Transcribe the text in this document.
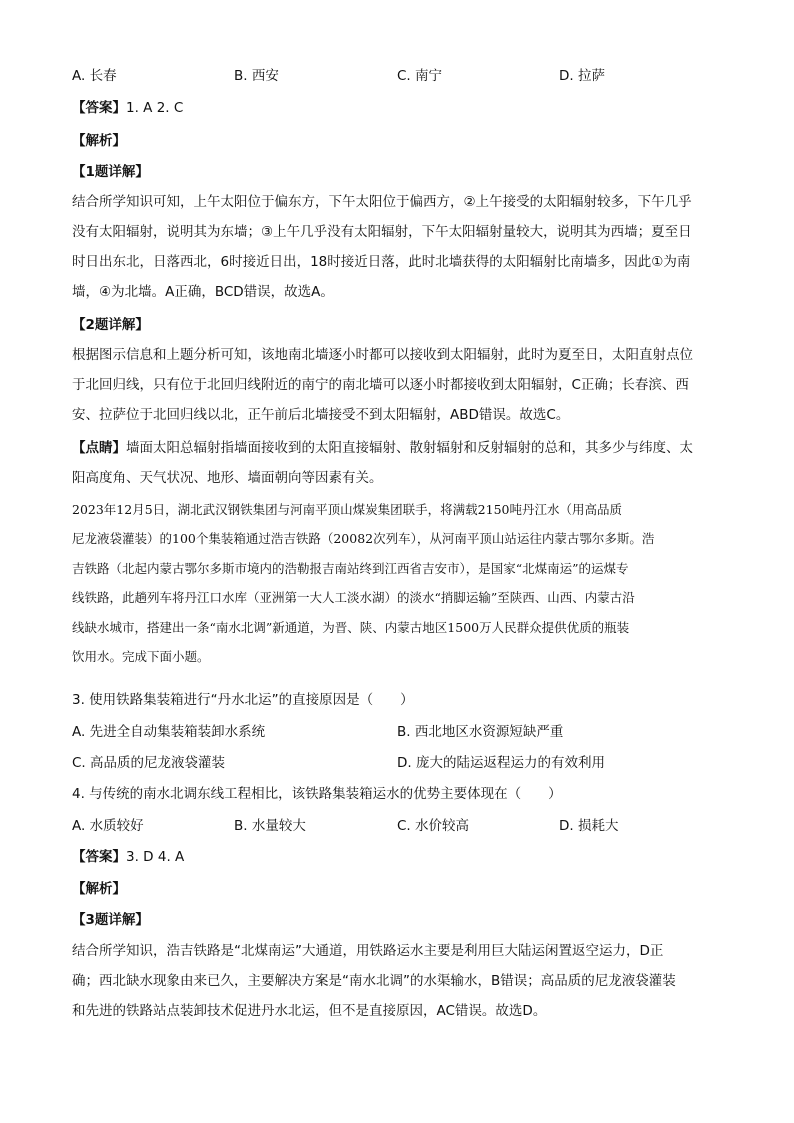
A. 长春	B. 西安	C. 南宁	D. 拉萨
【答案】1. A 2. C
【解析】
【1题详解】
结合所学知识可知，上午太阳位于偏东方，下午太阳位于偏西方，②上午接受的太阳辐射较多，下午几乎
没有太阳辐射，说明其为东墙；③上午几乎没有太阳辐射，下午太阳辐射量较大，说明其为西墙；夏至日
时日出东北，日落西北，6时接近日出，18时接近日落，此时北墙获得的太阳辐射比南墙多，因此①为南
墙，④为北墙。A正确，BCD错误，故选A。
【2题详解】
根据图示信息和上题分析可知，该地南北墙逐小时都可以接收到太阳辐射，此时为夏至日，太阳直射点位
于北回归线，只有位于北回归线附近的南宁的南北墙可以逐小时都接收到太阳辐射，C正确；长春滨、西
安、拉萨位于北回归线以北，正午前后北墙接受不到太阳辐射，ABD错误。故选C。
【点睛】墙面太阳总辐射指墙面接收到的太阳直接辐射、散射辐射和反射辐射的总和，其多少与纬度、太
阳高度角、天气状况、地形、墙面朝向等因素有关。
2023年12月5日，湖北武汉钢铁集团与河南平顶山煤炭集团联手，将满载2150吨丹江水（用高品质
尼龙液袋灌装）的100个集装箱通过浩吉铁路（20082次列车），从河南平顶山站运往内蒙古鄂尔多斯。浩
吉铁路（北起内蒙古鄂尔多斯市境内的浩勒报吉南站终到江西省吉安市），是国家“北煤南运”的运煤专
线铁路，此趟列车将丹江口水库（亚洲第一大人工淡水湖）的淡水“捎脚运输”至陕西、山西、内蒙古沿
线缺水城市，搭建出一条“南水北调”新通道，为晋、陕、内蒙古地区1500万人民群众提供优质的瓶装
饮用水。完成下面小题。
3. 使用铁路集装箱进行“丹水北运”的直接原因是（　　）
A. 先进全自动集装箱装卸水系统	B. 西北地区水资源短缺严重
C. 高品质的尼龙液袋灌装	D. 庞大的陆运返程运力的有效利用
4. 与传统的南水北调东线工程相比，该铁路集装箱运水的优势主要体现在（　　）
A. 水质较好	B. 水量较大	C. 水价较高	D. 损耗大
【答案】3. D 4. A
【解析】
【3题详解】
结合所学知识，浩吉铁路是“北煤南运”大通道，用铁路运水主要是利用巨大陆运闲置返空运力，D正
确；西北缺水现象由来已久，主要解决方案是“南水北调”的水渠输水，B错误；高品质的尼龙液袋灌装
和先进的铁路站点装卸技术促进丹水北运，但不是直接原因，AC错误。故选D。
